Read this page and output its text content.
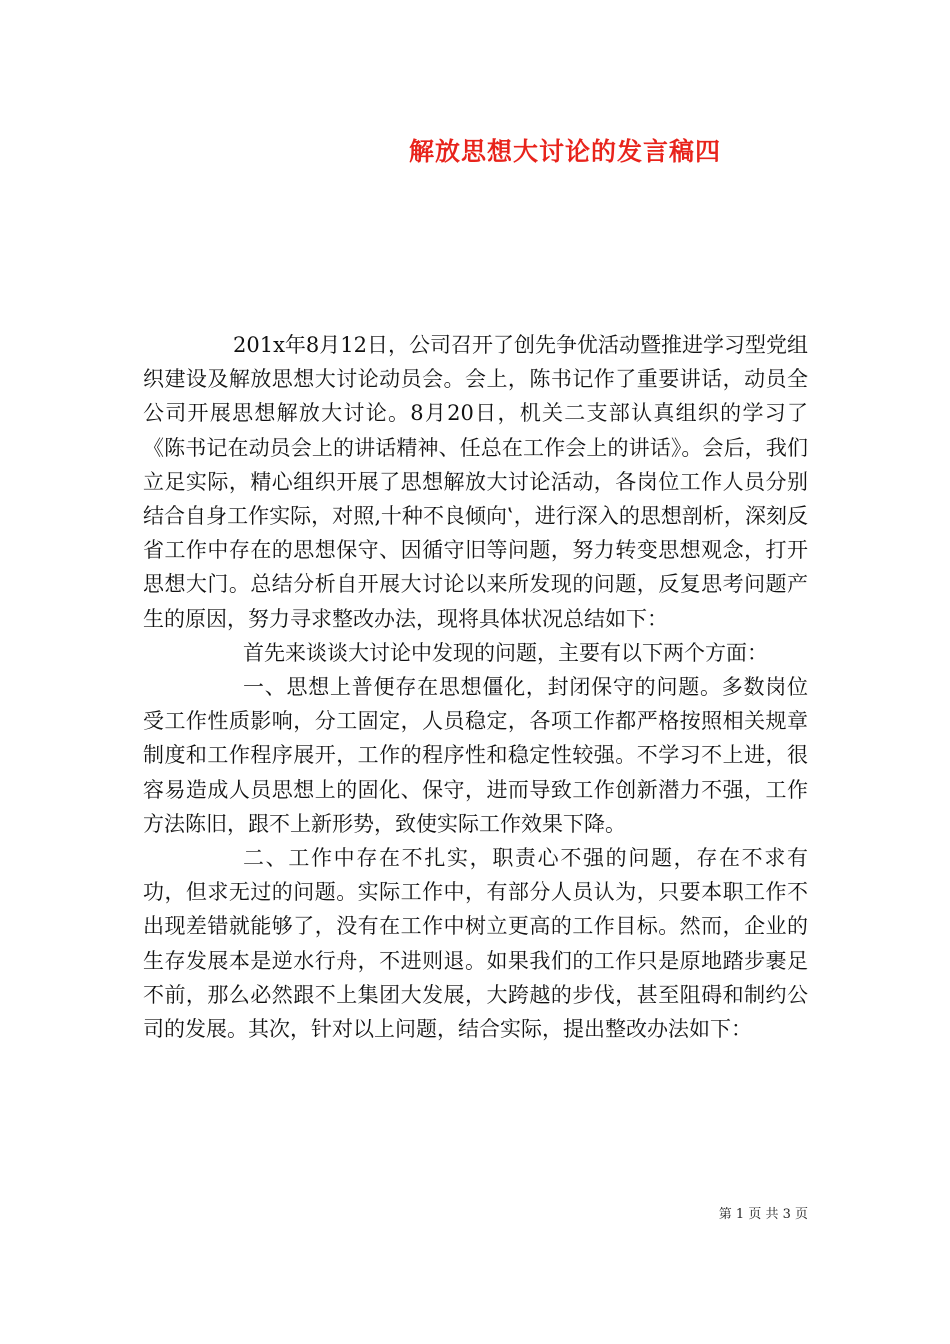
解放思想大讨论的发言稿四

201x年8月12日，公司召开了创先争优活动暨推进学习型党组织建设及解放思想大讨论动员会。会上，陈书记作了重要讲话，动员全公司开展思想解放大讨论。8月20日，机关二支部认真组织的学习了《陈书记在动员会上的讲话精神、任总在工作会上的讲话》。会后，我们立足实际，精心组织开展了思想解放大讨论活动，各岗位工作人员分别结合自身工作实际，对照‚十种不良倾向‛，进行深入的思想剖析，深刻反省工作中存在的思想保守、因循守旧等问题，努力转变思想观念，打开思想大门。总结分析自开展大讨论以来所发现的问题，反复思考问题产生的原因，努力寻求整改办法，现将具体状况总结如下：

首先来谈谈大讨论中发现的问题，主要有以下两个方面：

一、思想上普便存在思想僵化，封闭保守的问题。多数岗位受工作性质影响，分工固定，人员稳定，各项工作都严格按照相关规章制度和工作程序展开，工作的程序性和稳定性较强。不学习不上进，很容易造成人员思想上的固化、保守，进而导致工作创新潜力不强，工作方法陈旧，跟不上新形势，致使实际工作效果下降。

二、工作中存在不扎实，职责心不强的问题，存在不求有功，但求无过的问题。实际工作中，有部分人员认为，只要本职工作不出现差错就能够了，没有在工作中树立更高的工作目标。然而，企业的生存发展本是逆水行舟，不进则退。如果我们的工作只是原地踏步裹足不前，那么必然跟不上集团大发展，大跨越的步伐，甚至阻碍和制约公司的发展。其次，针对以上问题，结合实际，提出整改办法如下：

第 1 页 共 3 页
